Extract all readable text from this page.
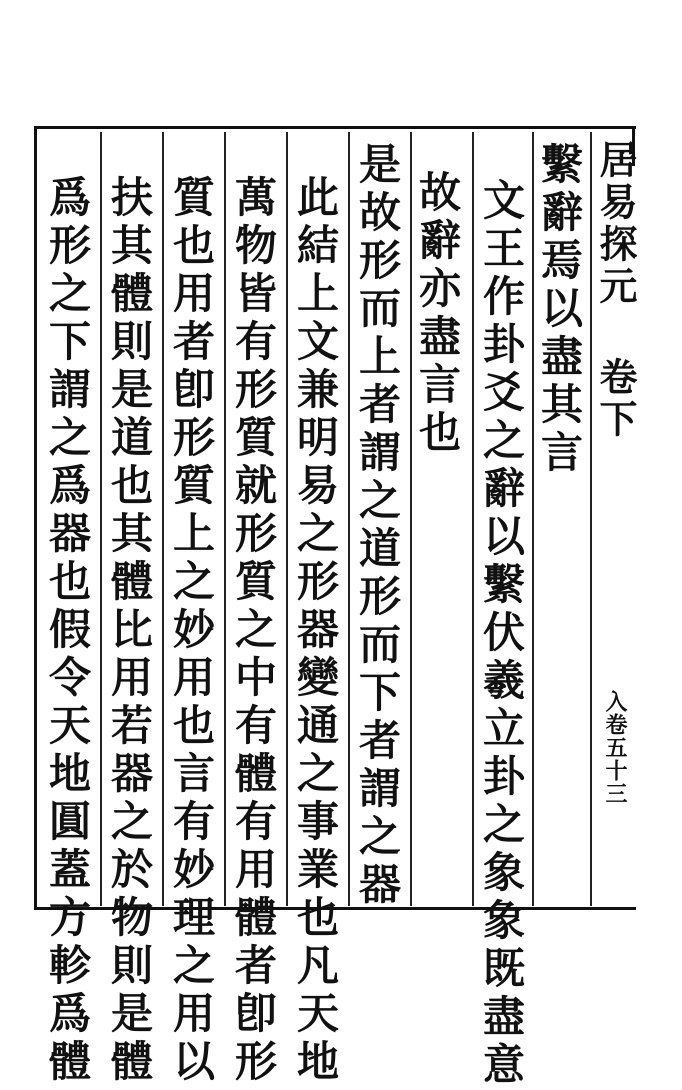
居易探元 卷下
入卷五十三
繫辭焉以盡其言
文王作卦爻之辭以繫伏羲立卦之象象既盡意
故辭亦盡言也
是故形而上者謂之道形而下者謂之器
此結上文兼明易之形器變通之事業也凡天地
萬物皆有形質就形質之中有體有用體者卽形
質也用者卽形質上之妙用也言有妙理之用以
扶其體則是道也其體比用若器之於物則是體
爲形之下謂之爲器也假令天地圓蓋方軫爲體
